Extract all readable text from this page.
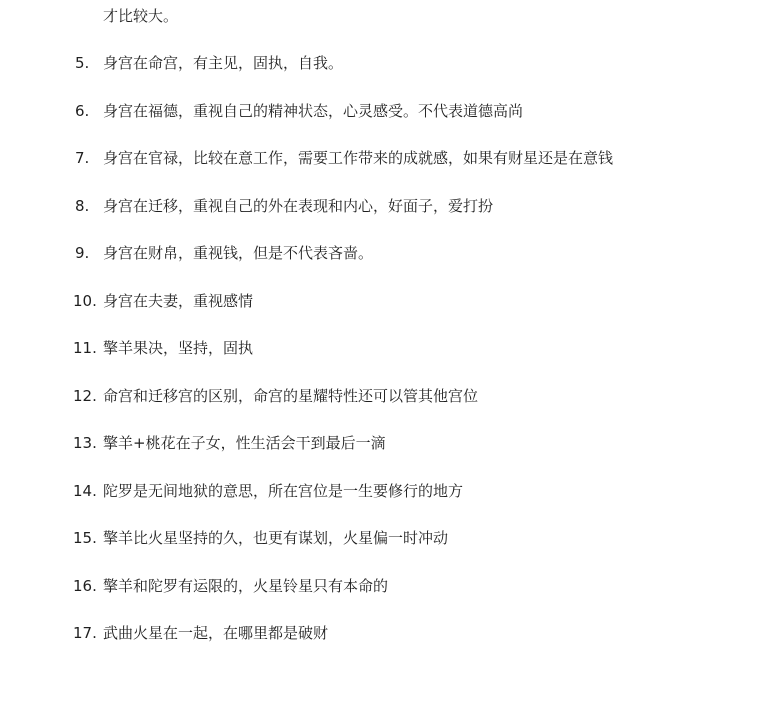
才比较大。
5. 身宫在命宫，有主见，固执，自我。
6. 身宫在福德，重视自己的精神状态，心灵感受。不代表道德高尚
7. 身宫在官禄，比较在意工作，需要工作带来的成就感，如果有财星还是在意钱
8. 身宫在迁移，重视自己的外在表现和内心，好面子，爱打扮
9. 身宫在财帛，重视钱，但是不代表吝啬。
10. 身宫在夫妻，重视感情
11. 擎羊果决，坚持，固执
12. 命宫和迁移宫的区别，命宫的星耀特性还可以管其他宫位
13. 擎羊+桃花在子女，性生活会干到最后一滴
14. 陀罗是无间地狱的意思，所在宫位是一生要修行的地方
15. 擎羊比火星坚持的久，也更有谋划，火星偏一时冲动
16. 擎羊和陀罗有运限的，火星铃星只有本命的
17. 武曲火星在一起，在哪里都是破财
